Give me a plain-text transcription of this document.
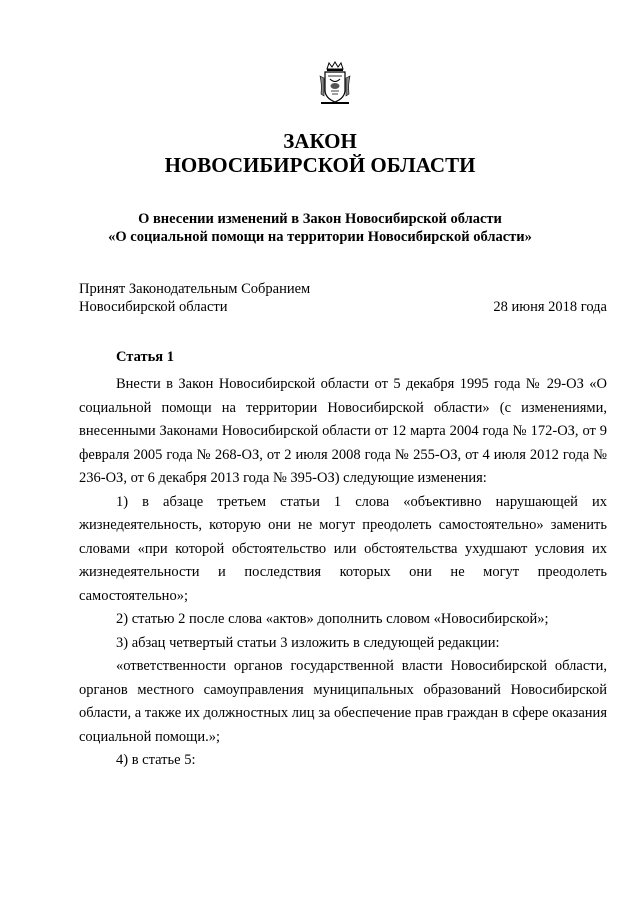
ЗАКОН
НОВОСИБИРСКОЙ ОБЛАСТИ
О внесении изменений в Закон Новосибирской области
«О социальной помощи на территории Новосибирской области»
Принят Законодательным Собранием
Новосибирской области	28 июня 2018 года
Статья 1

Внести в Закон Новосибирской области от 5 декабря 1995 года № 29-ОЗ «О социальной помощи на территории Новосибирской области» (с изменениями, внесенными Законами Новосибирской области от 12 марта 2004 года № 172-ОЗ, от 9 февраля 2005 года № 268-ОЗ, от 2 июля 2008 года № 255-ОЗ, от 4 июля 2012 года № 236-ОЗ, от 6 декабря 2013 года № 395-ОЗ) следующие изменения:

1) в абзаце третьем статьи 1 слова «объективно нарушающей их жизнедеятельность, которую они не могут преодолеть самостоятельно» заменить словами «при которой обстоятельство или обстоятельства ухудшают условия их жизнедеятельности и последствия которых они не могут преодолеть самостоятельно»;

2) статью 2 после слова «актов» дополнить словом «Новосибирской»;

3) абзац четвертый статьи 3 изложить в следующей редакции:

«ответственности органов государственной власти Новосибирской области, органов местного самоуправления муниципальных образований Новосибирской области, а также их должностных лиц за обеспечение прав граждан в сфере оказания социальной помощи.»;

4) в статье 5:
